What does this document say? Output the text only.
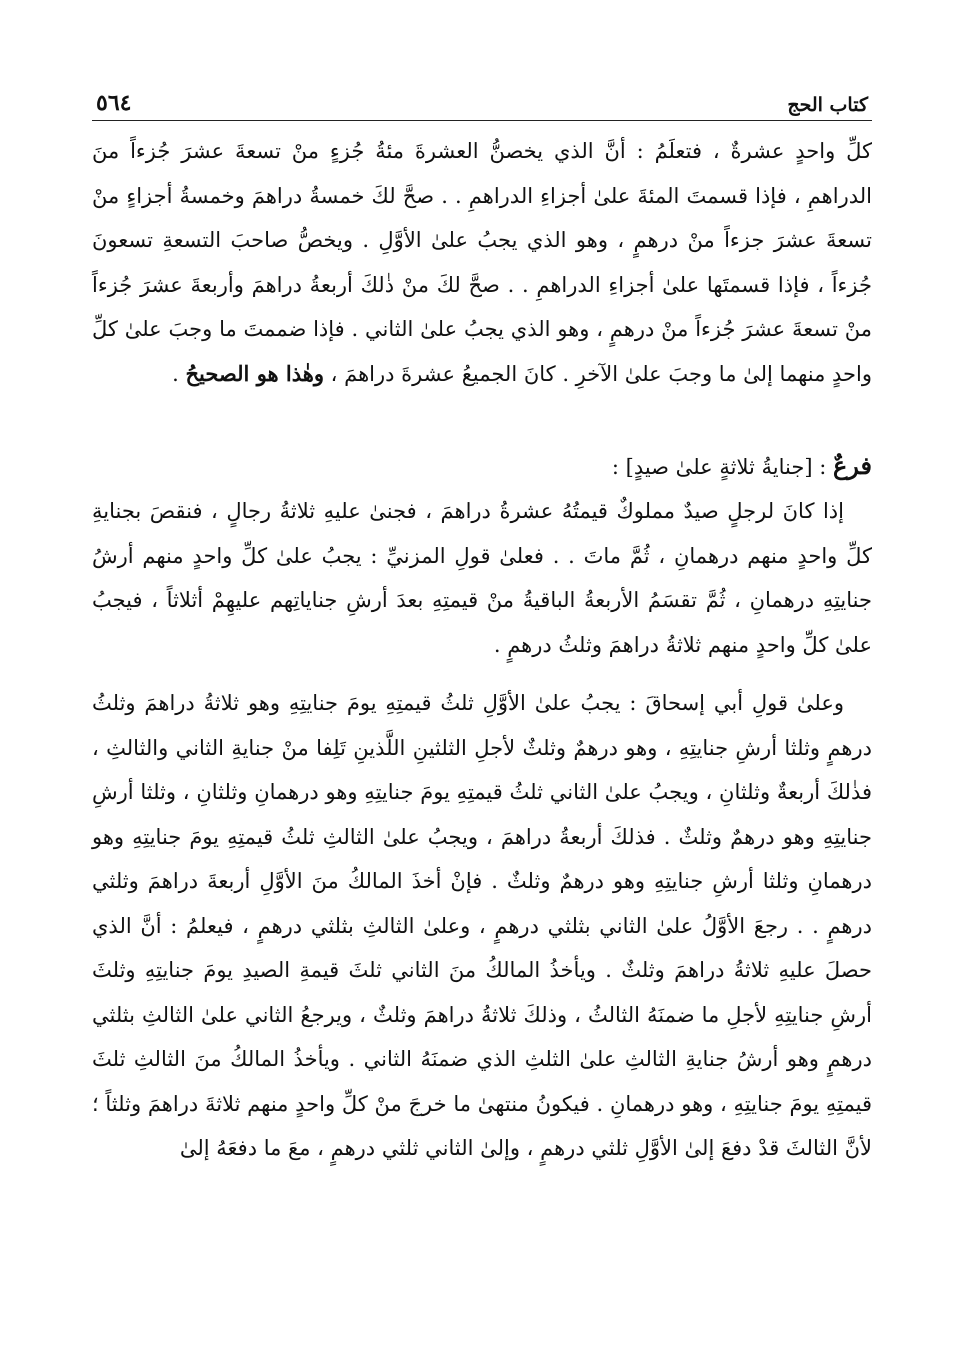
كتاب الحج
٥٦٤

كلِّ واحدٍ عشرةٌ ، فتعلَمُ : أنَّ الذي يخصنُّ العشرةَ مئةُ جُزءٍ منْ تسعةَ عشرَ جُزءاً منَ الدراهمِ ، فإذا قسمتَ المئةَ علىٰ أجزاءِ الدراهمِ . . صحَّ لكَ خمسةُ دراهمَ وخمسةُ أجزاءٍ منْ تسعةَ عشرَ جزءاً منْ درهمٍ ، وهو الذي يجبُ علىٰ الأوَّلِ . ويخصُّ صاحبَ التسعةِ تسعونَ جُزءاً ، فإذا قسمتَها علىٰ أجزاءِ الدراهمِ . . صحَّ لكَ منْ ذٰلكَ أربعةُ دراهمَ وأربعةَ عشرَ جُزءاً منْ تسعةَ عشرَ جُزءاً منْ درهمٍ ، وهو الذي يجبُ علىٰ الثاني . فإذا ضممتَ ما وجبَ علىٰ كلِّ واحدٍ منهما إلىٰ ما وجبَ علىٰ الآخرِ . كانَ الجميعُ عشرةَ دراهمَ ، وهٰذا هو الصحيحُ .

فرعٌ : [جنايةُ ثلاثةٍ علىٰ صيدٍ] :

إذا كانَ لرجلٍ صيدٌ مملوكٌ قيمتُهُ عشرةُ دراهمَ ، فجنىٰ عليهِ ثلاثةُ رجالٍ ، فنقصَ بجنايةِ كلِّ واحدٍ منهم درهمانِ ، ثُمَّ ماتَ . . فعلىٰ قولِ المزنيِّ : يجبُ علىٰ كلِّ واحدٍ منهم أرشُ جنايتِهِ درهمانِ ، ثُمَّ تقسَمُ الأربعةُ الباقيةُ منْ قيمتِهِ بعدَ أرشِ جناياتِهم عليهِمْ أثلاثاً ، فيجبُ علىٰ كلِّ واحدٍ منهم ثلاثةُ دراهمَ وثلثُ درهمٍ .

وعلىٰ قولِ أبي إسحاقَ : يجبُ علىٰ الأوَّلِ ثلثُ قيمتِهِ يومَ جنايتِهِ وهو ثلاثةُ دراهمَ وثلثُ درهمٍ وثلثا أرشِ جنايتِهِ ، وهو درهمٌ وثلثٌ لأجلِ الثلثينِ اللَّذينِ تَلِفا منْ جنايةِ الثاني والثالثِ ، فذٰلكَ أربعةٌ وثلثانِ ، ويجبُ علىٰ الثاني ثلثُ قيمتِهِ يومَ جنايتِهِ وهو درهمانِ وثلثانِ ، وثلثا أرشِ جنايتِهِ وهو درهمٌ وثلثٌ . فذلكَ أربعةُ دراهمَ ، ويجبُ علىٰ الثالثِ ثلثُ قيمتِهِ يومَ جنايتِهِ وهو درهمانِ وثلثا أرشِ جنايتِهِ وهو درهمٌ وثلثٌ . فإنْ أخذَ المالكُ منَ الأوَّلِ أربعةَ دراهمَ وثلثي درهمٍ . . رجعَ الأوَّلُ علىٰ الثاني بثلثي درهمٍ ، وعلىٰ الثالثِ بثلثي درهمٍ ، فيعلمُ : أنَّ الذي حصلَ عليهِ ثلاثةُ دراهمَ وثلثٌ . ويأخذُ المالكُ منَ الثاني ثلثَ قيمةِ الصيدِ يومَ جنايتِهِ وثلثَ أرشِ جنايتِهِ لأجلِ ما ضمنَهُ الثالثُ ، وذلكَ ثلاثةُ دراهمَ وثلثٌ ، ويرجعُ الثاني علىٰ الثالثِ بثلثي درهمٍ وهو أرشُ جنايةِ الثالثِ علىٰ الثلثِ الذي ضمنَهُ الثاني . ويأخذُ المالكُ منَ الثالثِ ثلثَ قيمتِهِ يومَ جنايتِهِ ، وهو درهمانِ . فيكونُ منتهىٰ ما خرجَ منْ كلِّ واحدٍ منهم ثلاثةَ دراهمَ وثلثاً ؛ لأنَّ الثالثَ قدْ دفعَ إلىٰ الأوَّلِ ثلثي درهمٍ ، وإلىٰ الثاني ثلثي درهمٍ ، معَ ما دفعَهُ إلىٰ
